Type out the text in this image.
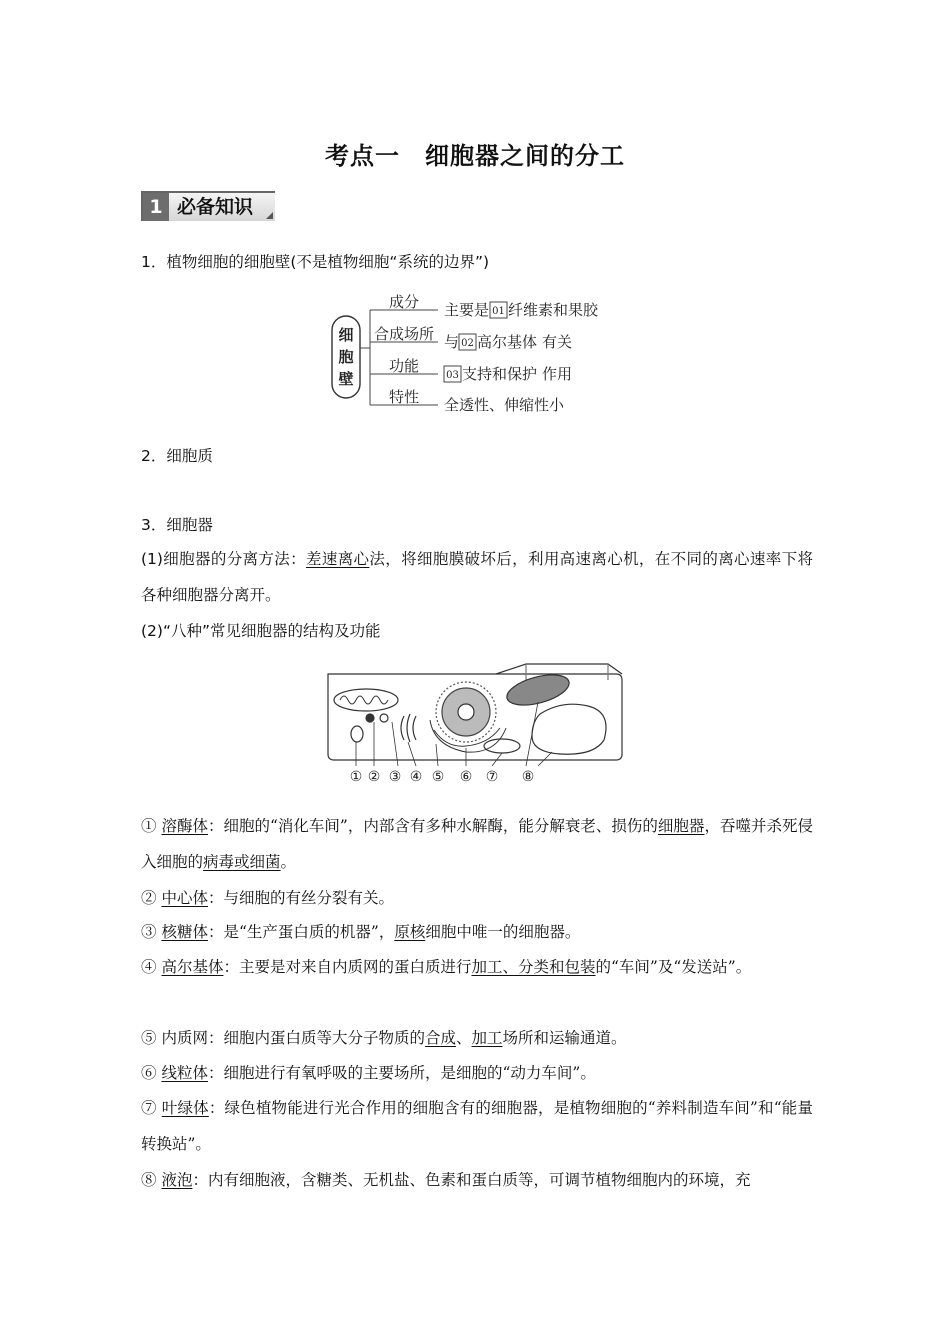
考点一　细胞器之间的分工
1 必备知识
1．植物细胞的细胞壁(不是植物细胞“系统的边界”)
细
胞
壁
成分
合成场所
功能
特性
主要是 01 纤维素和果胶
与 02 高尔基体 有关
03 支持和保护 作用
全透性、伸缩性小
2．细胞质
3．细胞器
(1)细胞器的分离方法：差速离心法，将细胞膜破坏后，利用高速离心机，在不同的离心速率下将各种细胞器分离开。
(2)“八种”常见细胞器的结构及功能
① ② ③ ④ ⑤ ⑥ ⑦ ⑧
① 溶酶体：细胞的“消化车间”，内部含有多种水解酶，能分解衰老、损伤的细胞器，吞噬并杀死侵入细胞的病毒或细菌。
② 中心体：与细胞的有丝分裂有关。
③ 核糖体：是“生产蛋白质的机器”，原核细胞中唯一的细胞器。
④ 高尔基体：主要是对来自内质网的蛋白质进行加工、分类和包装的“车间”及“发送站”。
⑤ 内质网：细胞内蛋白质等大分子物质的合成、加工场所和运输通道。
⑥ 线粒体：细胞进行有氧呼吸的主要场所，是细胞的“动力车间”。
⑦ 叶绿体：绿色植物能进行光合作用的细胞含有的细胞器，是植物细胞的“养料制造车间”和“能量转换站”。
⑧ 液泡：内有细胞液，含糖类、无机盐、色素和蛋白质等，可调节植物细胞内的环境，充
